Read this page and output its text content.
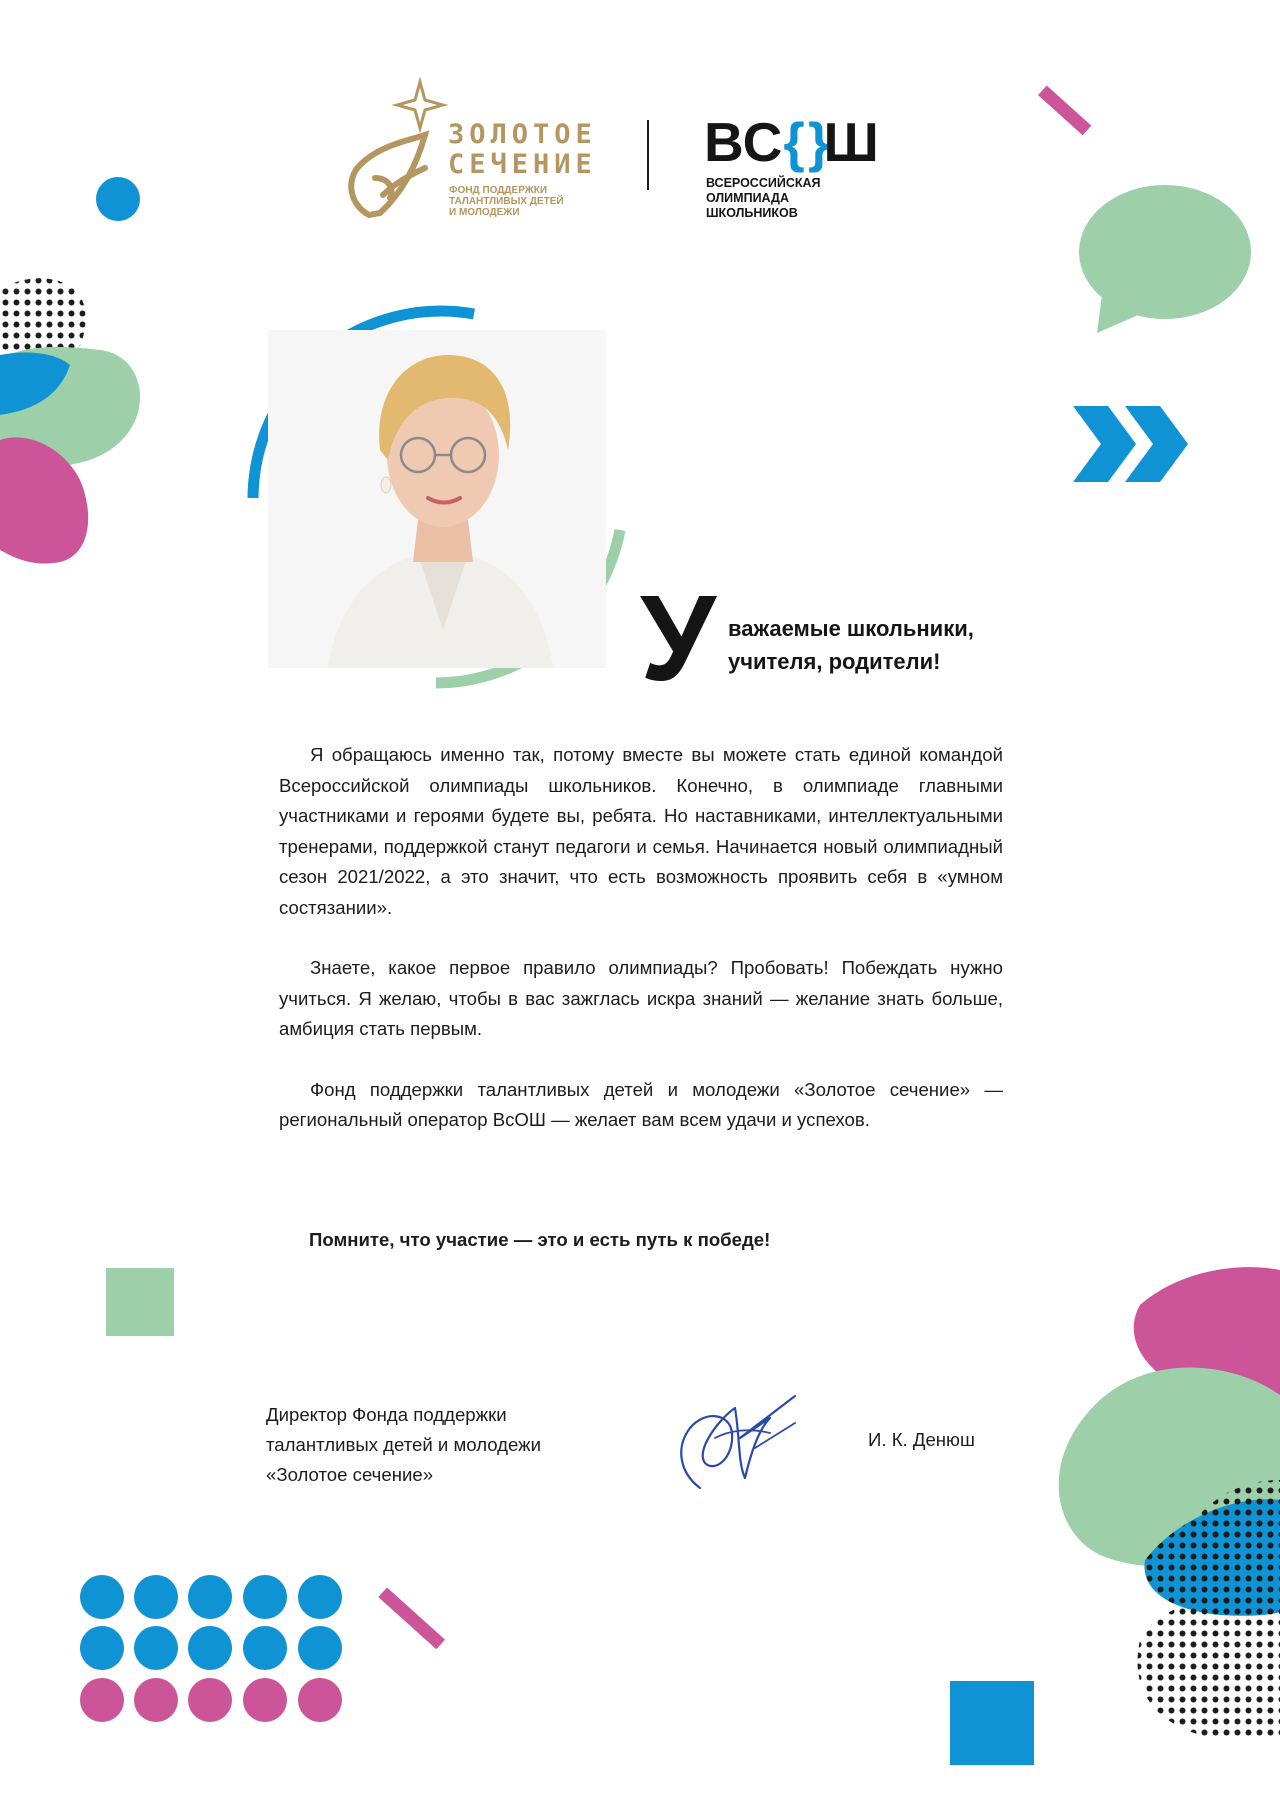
ЗОЛОТОЕ
СЕЧЕНИЕ
ФОНД ПОДДЕРЖКИ ТАЛАНТЛИВЫХ ДЕТЕЙ И МОЛОДЕЖИ
ВС{ }Ш
ВСЕРОССИЙСКАЯ ОЛИМПИАДА ШКОЛЬНИКОВ
У важаемые школьники,
учителя, родители!

Я обращаюсь именно так, потому вместе вы можете стать единой командой Всероссийской олимпиады школьников. Конечно, в олимпиаде главными участниками и героями будете вы, ребята. Но наставниками, интеллектуальными тренерами, поддержкой станут педагоги и семья. Начинается новый олимпиадный сезон 2021/2022, а это значит, что есть возможность проявить себя в «умном состязании».

Знаете, какое первое правило олимпиады? Пробовать! Побеждать нужно учиться. Я желаю, чтобы в вас зажглась искра знаний — желание знать больше, амбиция стать первым.

Фонд поддержки талантливых детей и молодежи «Золотое сечение» — региональный оператор ВсОШ — желает вам всем удачи и успехов.

Помните, что участие — это и есть путь к победе!
Директор Фонда поддержки
талантливых детей и молодежи
«Золотое сечение»
И. К. Денюш
